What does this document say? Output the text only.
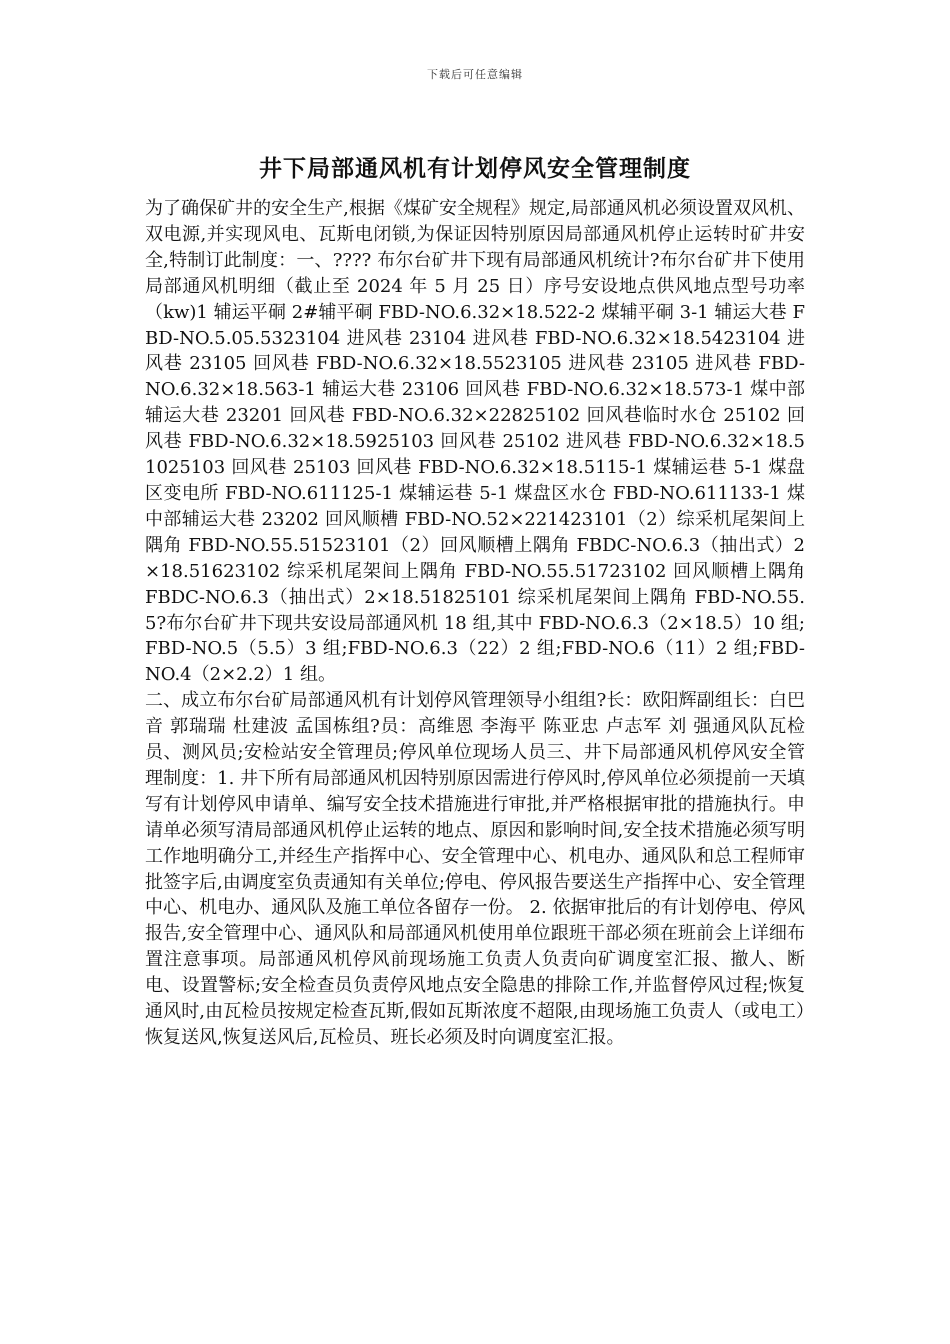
下载后可任意编辑
井下局部通风机有计划停风安全管理制度

为了确保矿井的安全生产,根据《煤矿安全规程》规定,局部通风机必须设置双风机、双电源,并实现风电、瓦斯电闭锁,为保证因特别原因局部通风机停止运转时矿井安全,特制订此制度：一、???? 布尔台矿井下现有局部通风机统计?布尔台矿井下使用局部通风机明细（截止至 2024 年 5 月 25 日）序号安设地点供风地点型号功率（kw)1 辅运平硐 2#辅平硐 FBD-NO.6.32×18.522-2 煤辅平硐 3-1 辅运大巷 FBD-NO.5.05.5323104 进风巷 23104 进风巷 FBD-NO.6.32×18.5423104 进风巷 23105 回风巷 FBD-NO.6.32×18.5523105 进风巷 23105 进风巷 FBD-NO.6.32×18.563-1 辅运大巷 23106 回风巷 FBD-NO.6.32×18.573-1 煤中部辅运大巷 23201 回风巷 FBD-NO.6.32×22825102 回风巷临时水仓 25102 回风巷 FBD-NO.6.32×18.5925103 回风巷 25102 进风巷 FBD-NO.6.32×18.51025103 回风巷 25103 回风巷 FBD-NO.6.32×18.5115-1 煤辅运巷 5-1 煤盘区变电所 FBD-NO.611125-1 煤辅运巷 5-1 煤盘区水仓 FBD-NO.611133-1 煤中部辅运大巷 23202 回风顺槽 FBD-NO.52×221423101（2）综采机尾架间上隅角 FBD-NO.55.51523101（2）回风顺槽上隅角 FBDC-NO.6.3（抽出式）2×18.51623102 综采机尾架间上隅角 FBD-NO.55.51723102 回风顺槽上隅角 FBDC-NO.6.3（抽出式）2×18.51825101 综采机尾架间上隅角 FBD-NO.55.5?布尔台矿井下现共安设局部通风机 18 组,其中 FBD-NO.6.3（2×18.5）10 组;FBD-NO.5（5.5）3 组;FBD-NO.6.3（22）2 组;FBD-NO.6（11）2 组;FBD-NO.4（2×2.2）1 组。

二、成立布尔台矿局部通风机有计划停风管理领导小组组?长：欧阳辉副组长：白巴音 郭瑞瑞 杜建波 孟国栋组?员：高维恩 李海平 陈亚忠 卢志军 刘 强通风队瓦检员、测风员;安检站安全管理员;停风单位现场人员三、井下局部通风机停风安全管理制度：1. 井下所有局部通风机因特别原因需进行停风时,停风单位必须提前一天填写有计划停风申请单、编写安全技术措施进行审批,并严格根据审批的措施执行。申请单必须写清局部通风机停止运转的地点、原因和影响时间,安全技术措施必须写明工作地明确分工,并经生产指挥中心、安全管理中心、机电办、通风队和总工程师审批签字后,由调度室负责通知有关单位;停电、停风报告要送生产指挥中心、安全管理中心、机电办、通风队及施工单位各留存一份。 2. 依据审批后的有计划停电、停风报告,安全管理中心、通风队和局部通风机使用单位跟班干部必须在班前会上详细布置注意事项。局部通风机停风前现场施工负责人负责向矿调度室汇报、撤人、断电、设置警标;安全检查员负责停风地点安全隐患的排除工作,并监督停风过程;恢复通风时,由瓦检员按规定检查瓦斯,假如瓦斯浓度不超限,由现场施工负责人（或电工）恢复送风,恢复送风后,瓦检员、班长必须及时向调度室汇报。
